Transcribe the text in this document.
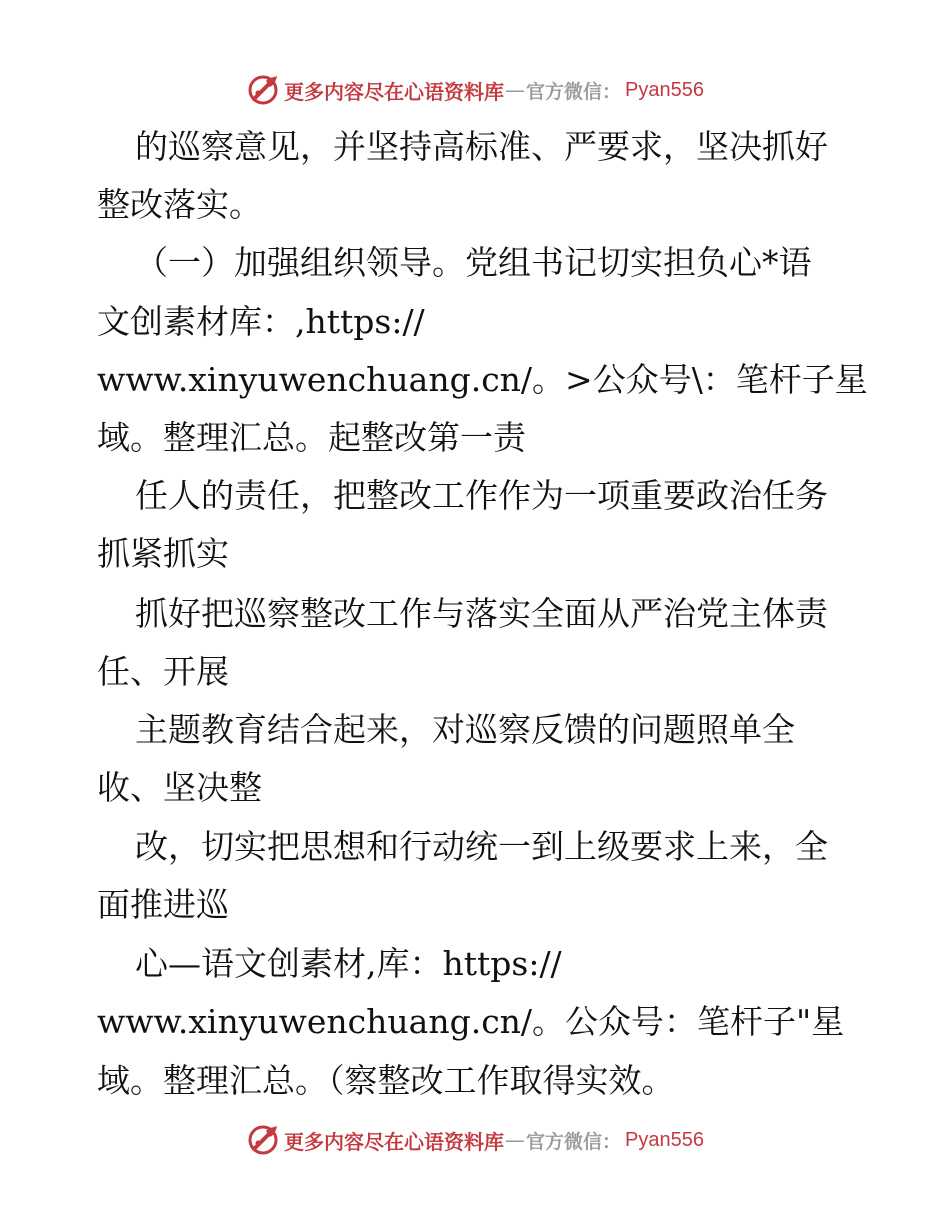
更多内容尽在心语资料库 — 官方微信： Pyan556
的巡察意见，并坚持高标准、严要求，坚决抓好
整改落实。
（一）加强组织领导。党组书记切实担负心*语
文创素材库：,https://
www.xinyuwenchuang.cn/。>公众号\：笔杆子星
域。整理汇总。起整改第一责
任人的责任，把整改工作作为一项重要政治任务
抓紧抓实
抓好把巡察整改工作与落实全面从严治党主体责
任、开展
主题教育结合起来，对巡察反馈的问题照单全
收、坚决整
改，切实把思想和行动统一到上级要求上来，全
面推进巡
心—语文创素材,库：https://
www.xinyuwenchuang.cn/。公众号：笔杆子"星
域。整理汇总。（察整改工作取得实效。
更多内容尽在心语资料库 — 官方微信： Pyan556
